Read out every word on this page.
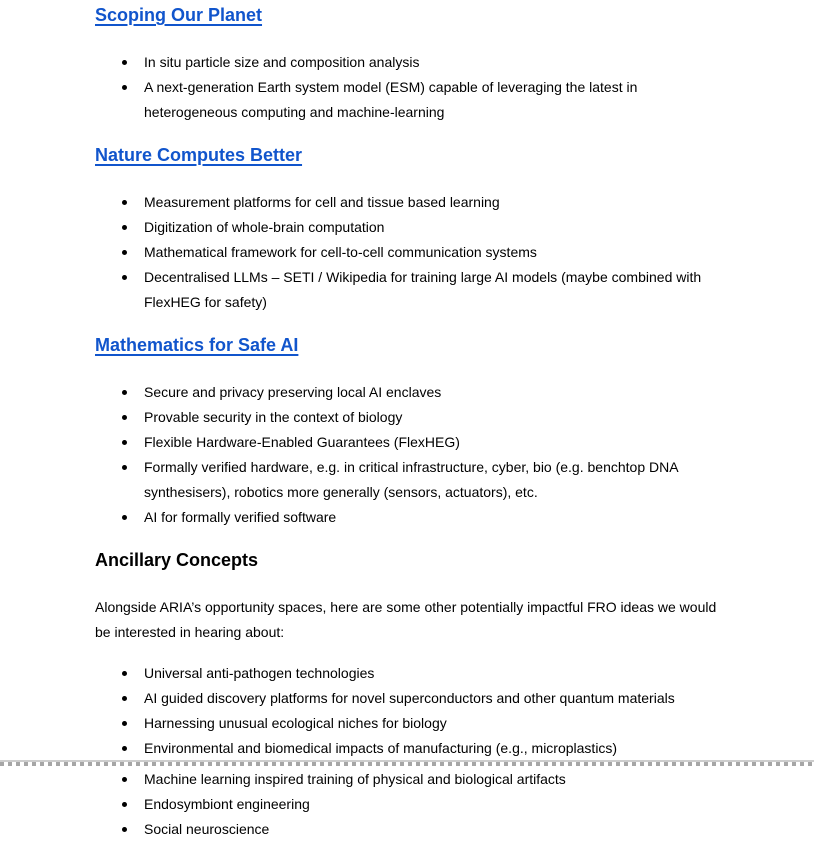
Scoping Our Planet
In situ particle size and composition analysis
A next-generation Earth system model (ESM) capable of leveraging the latest in heterogeneous computing and machine-learning
Nature Computes Better
Measurement platforms for cell and tissue based learning
Digitization of whole-brain computation
Mathematical framework for cell-to-cell communication systems
Decentralised LLMs – SETI / Wikipedia for training large AI models (maybe combined with FlexHEG for safety)
Mathematics for Safe AI
Secure and privacy preserving local AI enclaves
Provable security in the context of biology
Flexible Hardware-Enabled Guarantees (FlexHEG)
Formally verified hardware, e.g. in critical infrastructure, cyber, bio (e.g. benchtop DNA synthesisers), robotics more generally (sensors, actuators), etc.
AI for formally verified software
Ancillary Concepts

Alongside ARIA’s opportunity spaces, here are some other potentially impactful FRO ideas we would be interested in hearing about:

Universal anti-pathogen technologies
AI guided discovery platforms for novel superconductors and other quantum materials
Harnessing unusual ecological niches for biology
Environmental and biomedical impacts of manufacturing (e.g., microplastics)
Machine learning inspired training of physical and biological artifacts
Endosymbiont engineering
Social neuroscience
